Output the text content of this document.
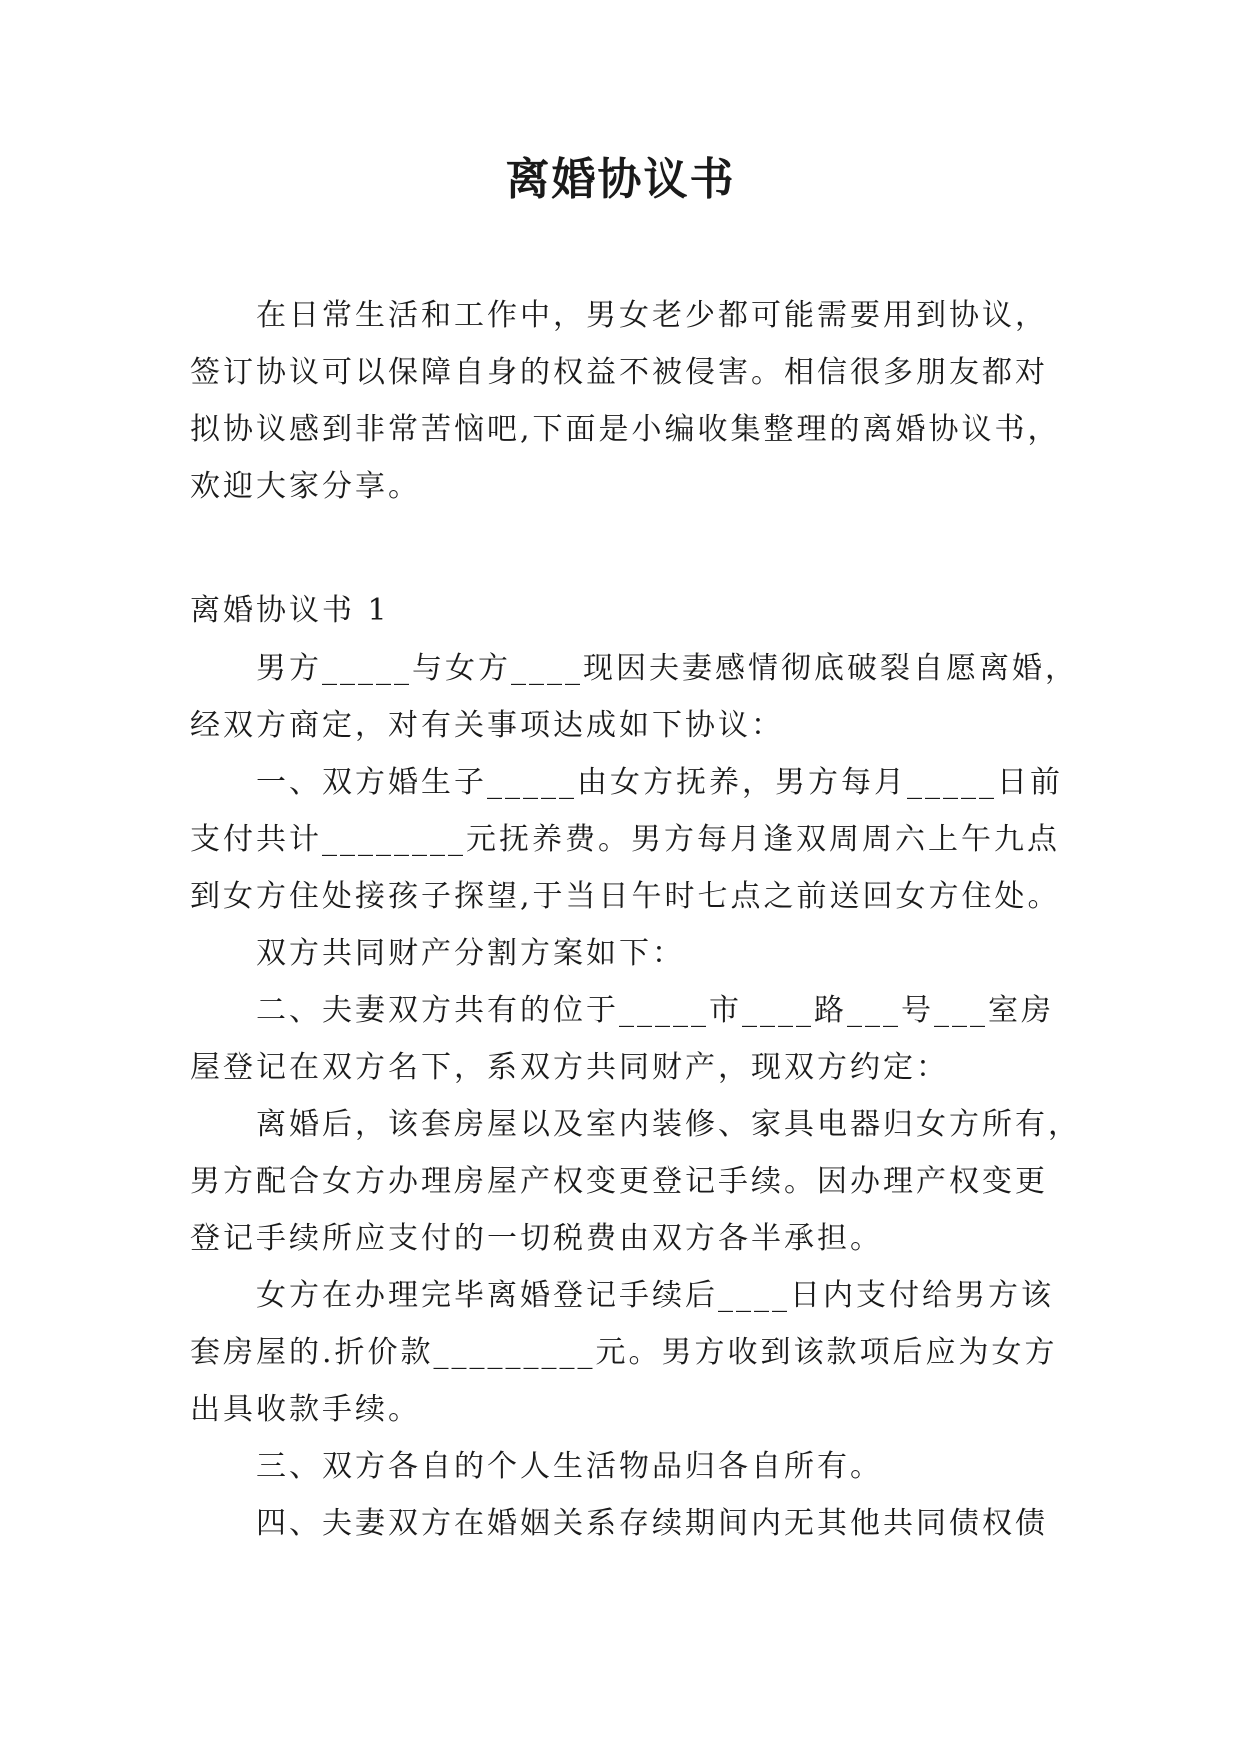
离婚协议书
在日常生活和工作中，男女老少都可能需要用到协议，
签订协议可以保障自身的权益不被侵害。相信很多朋友都对
拟协议感到非常苦恼吧,下面是小编收集整理的离婚协议书，
欢迎大家分享。
离婚协议书 1
男方_____与女方____现因夫妻感情彻底破裂自愿离婚，
经双方商定，对有关事项达成如下协议：
一、双方婚生子_____由女方抚养，男方每月_____日前
支付共计________元抚养费。男方每月逢双周周六上午九点
到女方住处接孩子探望,于当日午时七点之前送回女方住处。
双方共同财产分割方案如下：
二、夫妻双方共有的位于_____市____路___号___室房
屋登记在双方名下，系双方共同财产，现双方约定：
离婚后，该套房屋以及室内装修、家具电器归女方所有，
男方配合女方办理房屋产权变更登记手续。因办理产权变更
登记手续所应支付的一切税费由双方各半承担。
女方在办理完毕离婚登记手续后____日内支付给男方该
套房屋的.折价款_________元。男方收到该款项后应为女方
出具收款手续。
三、双方各自的个人生活物品归各自所有。
四、夫妻双方在婚姻关系存续期间内无其他共同债权债
